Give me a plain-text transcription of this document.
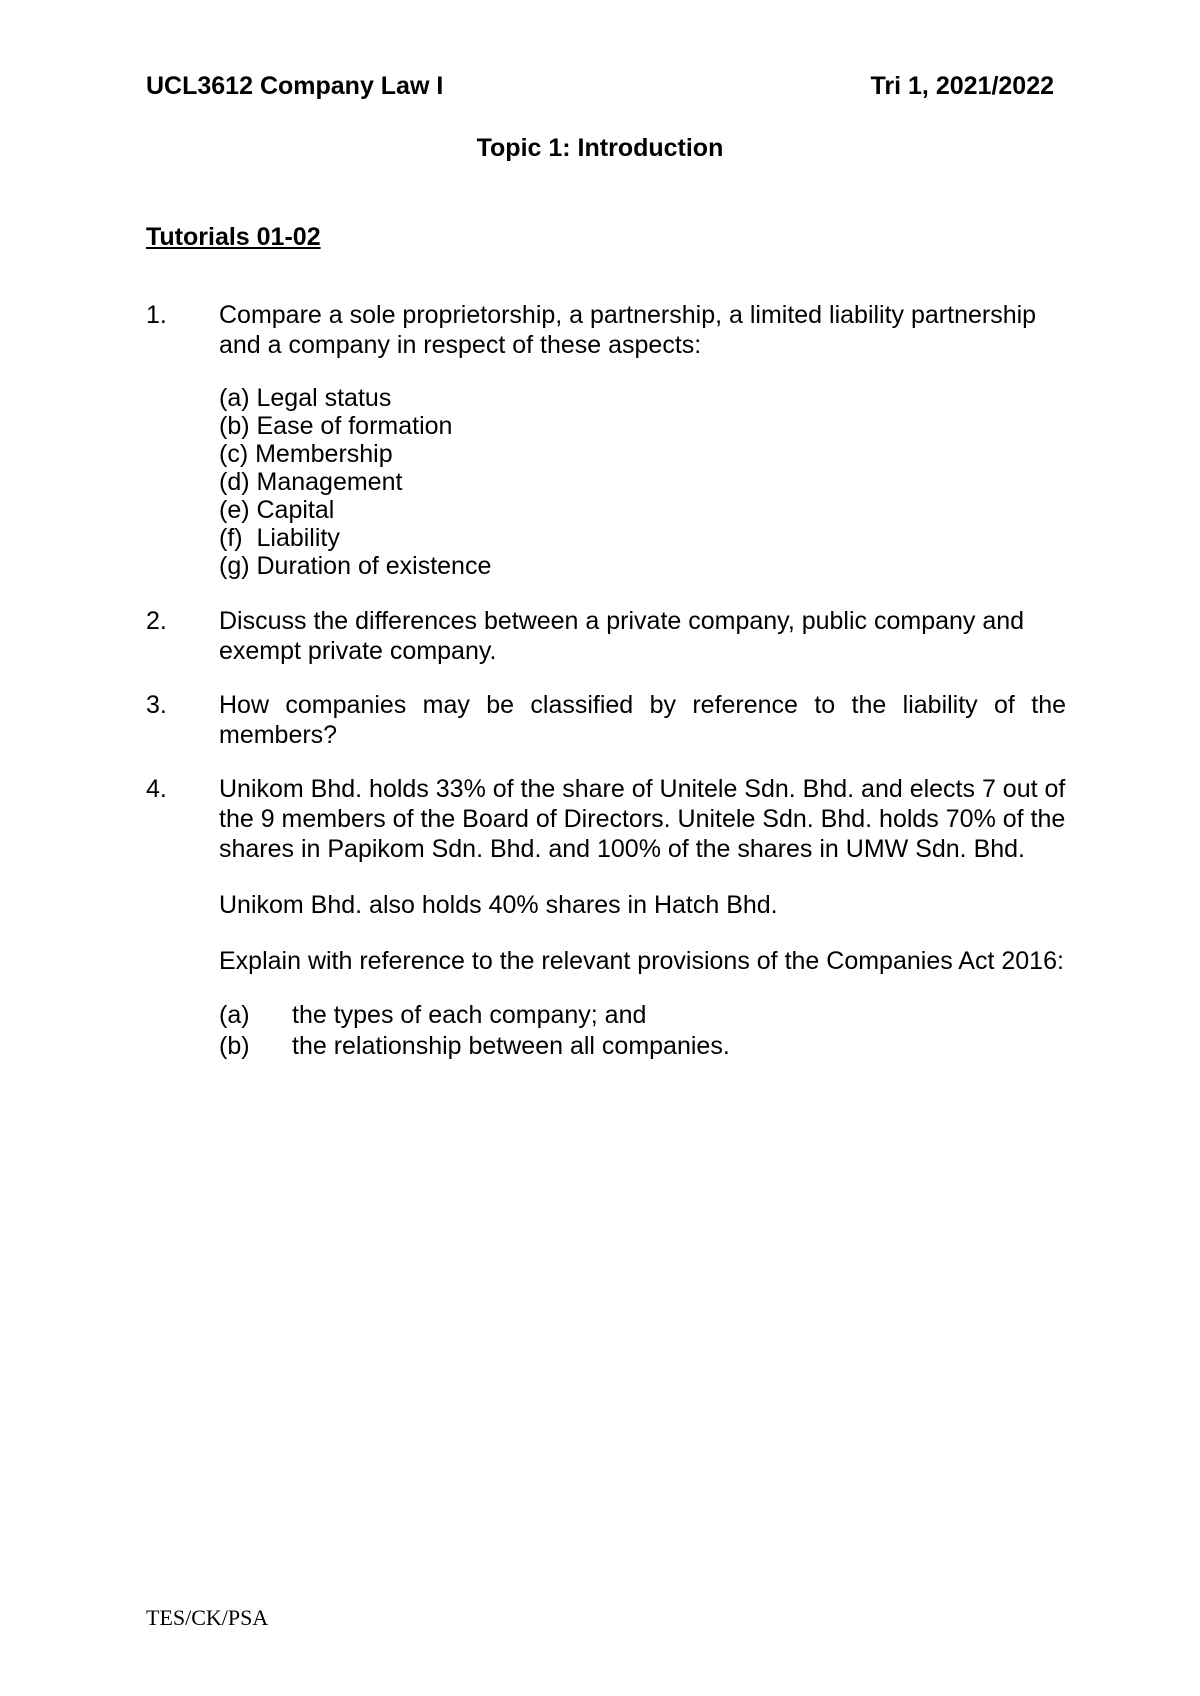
UCL3612 Company Law I	Tri 1, 2021/2022
Topic 1: Introduction
Tutorials 01-02
1. Compare a sole proprietorship, a partnership, a limited liability partnership and a company in respect of these aspects:

(a) Legal status
(b) Ease of formation
(c) Membership
(d) Management
(e) Capital
(f)  Liability
(g) Duration of existence
2. Discuss the differences between a private company, public company and exempt private company.

3. How companies may be classified by reference to the liability of the members?

4. Unikom Bhd. holds 33% of the share of Unitele Sdn. Bhd. and elects 7 out of the 9 members of the Board of Directors. Unitele Sdn. Bhd. holds 70% of the shares in Papikom Sdn. Bhd. and 100% of the shares in UMW Sdn. Bhd.

Unikom Bhd. also holds 40% shares in Hatch Bhd.

Explain with reference to the relevant provisions of the Companies Act 2016:

(a) the types of each company; and
(b) the relationship between all companies.
TES/CK/PSA
